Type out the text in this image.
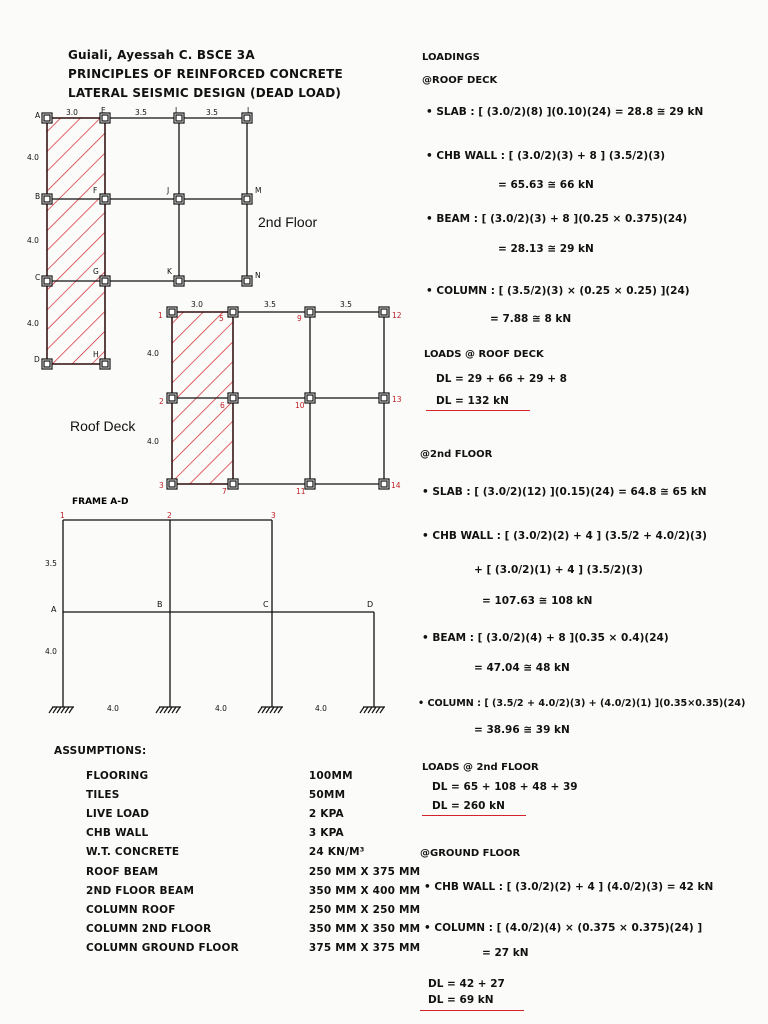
Guiali, Ayessah C. BSCE 3A
PRINCIPLES OF REINFORCED CONCRETE
LATERAL SEISMIC DESIGN (DEAD LOAD)
A
E	I	L
B
F	J	M
C
G	K	N
D
H
3.0	3.5	3.5
4.0
4.0
4.0
1	5	9	12
2	6	10
13
3
7	11
14
3.0	3.5	3.5
4.0
4.0
FRAME A-D
1	2	3
A
B	C	D
3.5
4.0
4.0	4.0	4.0
2nd Floor
Roof Deck
ASSUMPTIONS:
FLOORING	100MM
TILES	50MM
LIVE LOAD	2 KPA
CHB WALL	3 KPA
W.T. CONCRETE	24 KN/M³
ROOF BEAM	250 MM X 375 MM
2ND FLOOR BEAM	350 MM X 400 MM
COLUMN ROOF	250 MM X 250 MM
COLUMN 2ND FLOOR	350 MM X 350 MM
COLUMN GROUND FLOOR	375 MM X 375 MM
LOADINGS
@ROOF DECK
• SLAB : [ (3.0/2)(8) ](0.10)(24) = 28.8 ≅ 29 kN
• CHB WALL : [ (3.0/2)(3) + 8 ] (3.5/2)(3)
= 65.63 ≅ 66 kN
• BEAM : [ (3.0/2)(3) + 8 ](0.25 × 0.375)(24)
= 28.13 ≅ 29 kN
• COLUMN : [ (3.5/2)(3) × (0.25 × 0.25) ](24)
= 7.88 ≅ 8 kN
LOADS @ ROOF DECK
DL = 29 + 66 + 29 + 8
DL = 132 kN
@2nd FLOOR
• SLAB : [ (3.0/2)(12) ](0.15)(24) = 64.8 ≅ 65 kN
• CHB WALL : [ (3.0/2)(2) + 4 ] (3.5/2 + 4.0/2)(3)
+ [ (3.0/2)(1) + 4 ] (3.5/2)(3)
= 107.63 ≅ 108 kN
• BEAM : [ (3.0/2)(4) + 8 ](0.35 × 0.4)(24)
= 47.04 ≅ 48 kN
• COLUMN : [ (3.5/2 + 4.0/2)(3) + (4.0/2)(1) ](0.35×0.35)(24)
= 38.96 ≅ 39 kN
LOADS @ 2nd FLOOR
DL = 65 + 108 + 48 + 39
DL = 260 kN
@GROUND FLOOR
• CHB WALL : [ (3.0/2)(2) + 4 ] (4.0/2)(3) = 42 kN
• COLUMN : [ (4.0/2)(4) × (0.375 × 0.375)(24) ]
= 27 kN
DL = 42 + 27
DL = 69 kN
